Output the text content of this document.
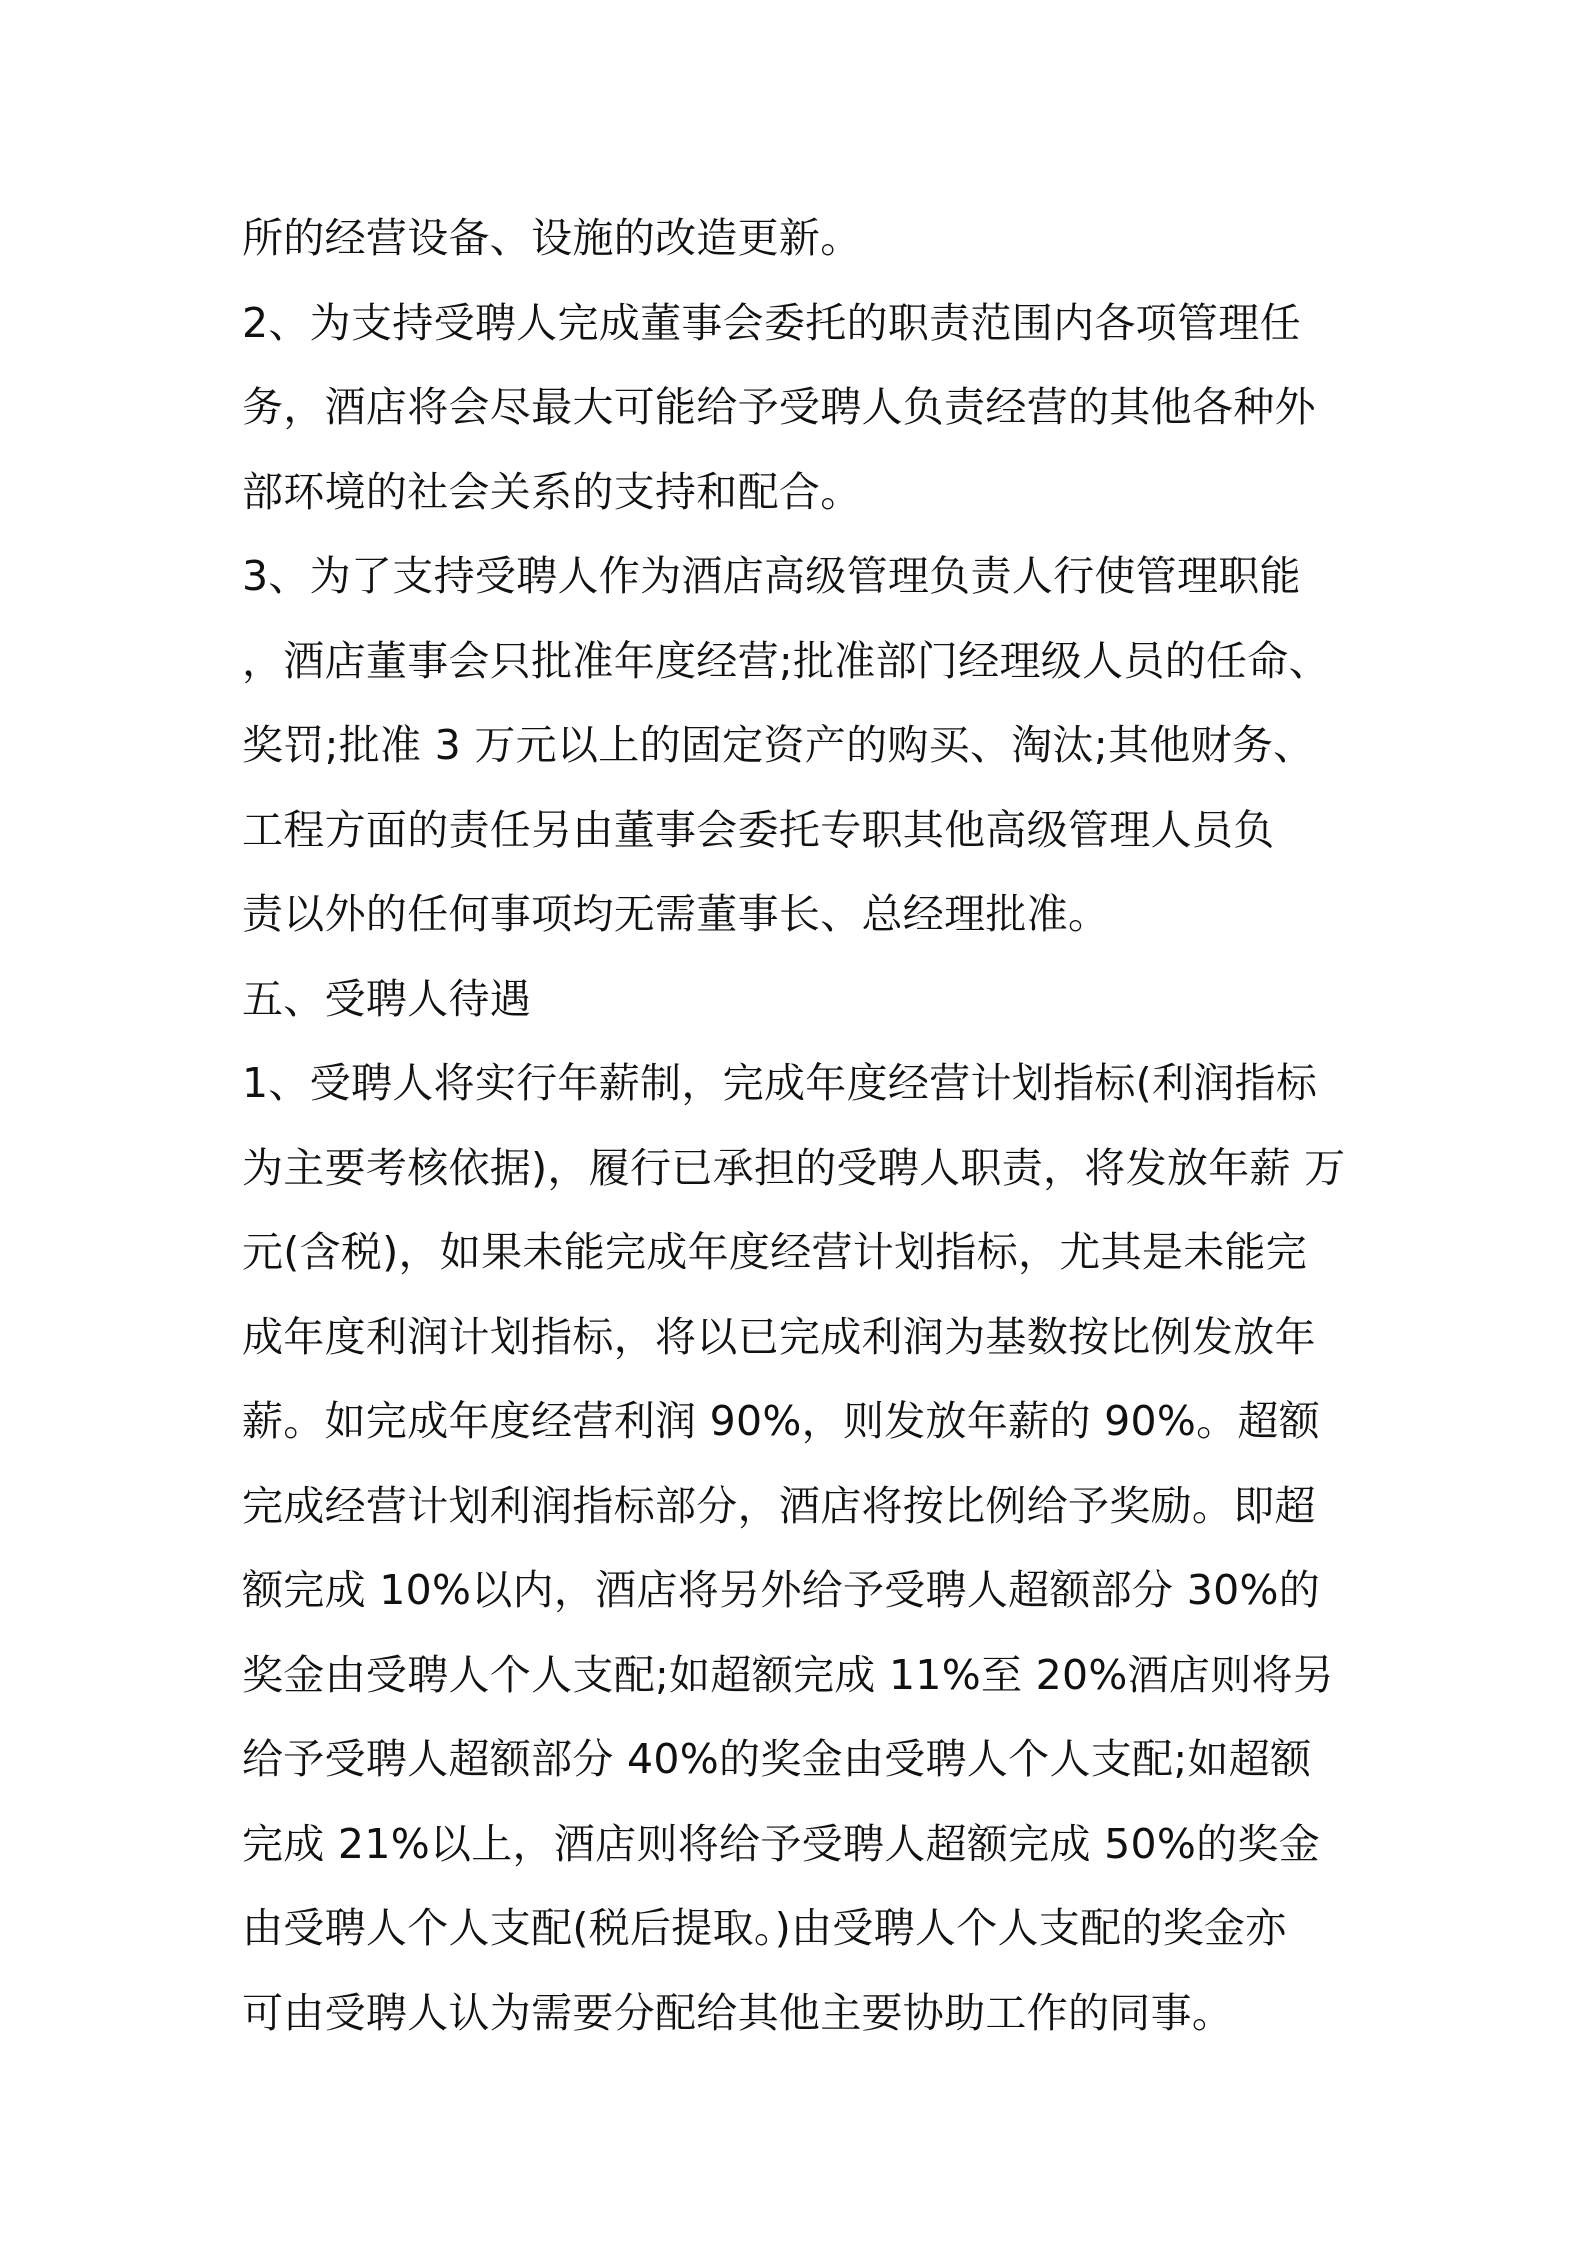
所的经营设备、设施的改造更新。
2、为支持受聘人完成董事会委托的职责范围内各项管理任
务，酒店将会尽最大可能给予受聘人负责经营的其他各种外
部环境的社会关系的支持和配合。
3、为了支持受聘人作为酒店高级管理负责人行使管理职能
，酒店董事会只批准年度经营;批准部门经理级人员的任命、
奖罚;批准 3 万元以上的固定资产的购买、淘汰;其他财务、
工程方面的责任另由董事会委托专职其他高级管理人员负
责以外的任何事项均无需董事长、总经理批准。
五、受聘人待遇
1、受聘人将实行年薪制，完成年度经营计划指标(利润指标
为主要考核依据)，履行已承担的受聘人职责，将发放年薪 万
元(含税)，如果未能完成年度经营计划指标，尤其是未能完
成年度利润计划指标，将以已完成利润为基数按比例发放年
薪。如完成年度经营利润 90%，则发放年薪的 90%。超额
完成经营计划利润指标部分，酒店将按比例给予奖励。即超
额完成 10%以内，酒店将另外给予受聘人超额部分 30%的
奖金由受聘人个人支配;如超额完成 11%至 20%酒店则将另
给予受聘人超额部分 40%的奖金由受聘人个人支配;如超额
完成 21%以上，酒店则将给予受聘人超额完成 50%的奖金
由受聘人个人支配(税后提取。)由受聘人个人支配的奖金亦
可由受聘人认为需要分配给其他主要协助工作的同事。
